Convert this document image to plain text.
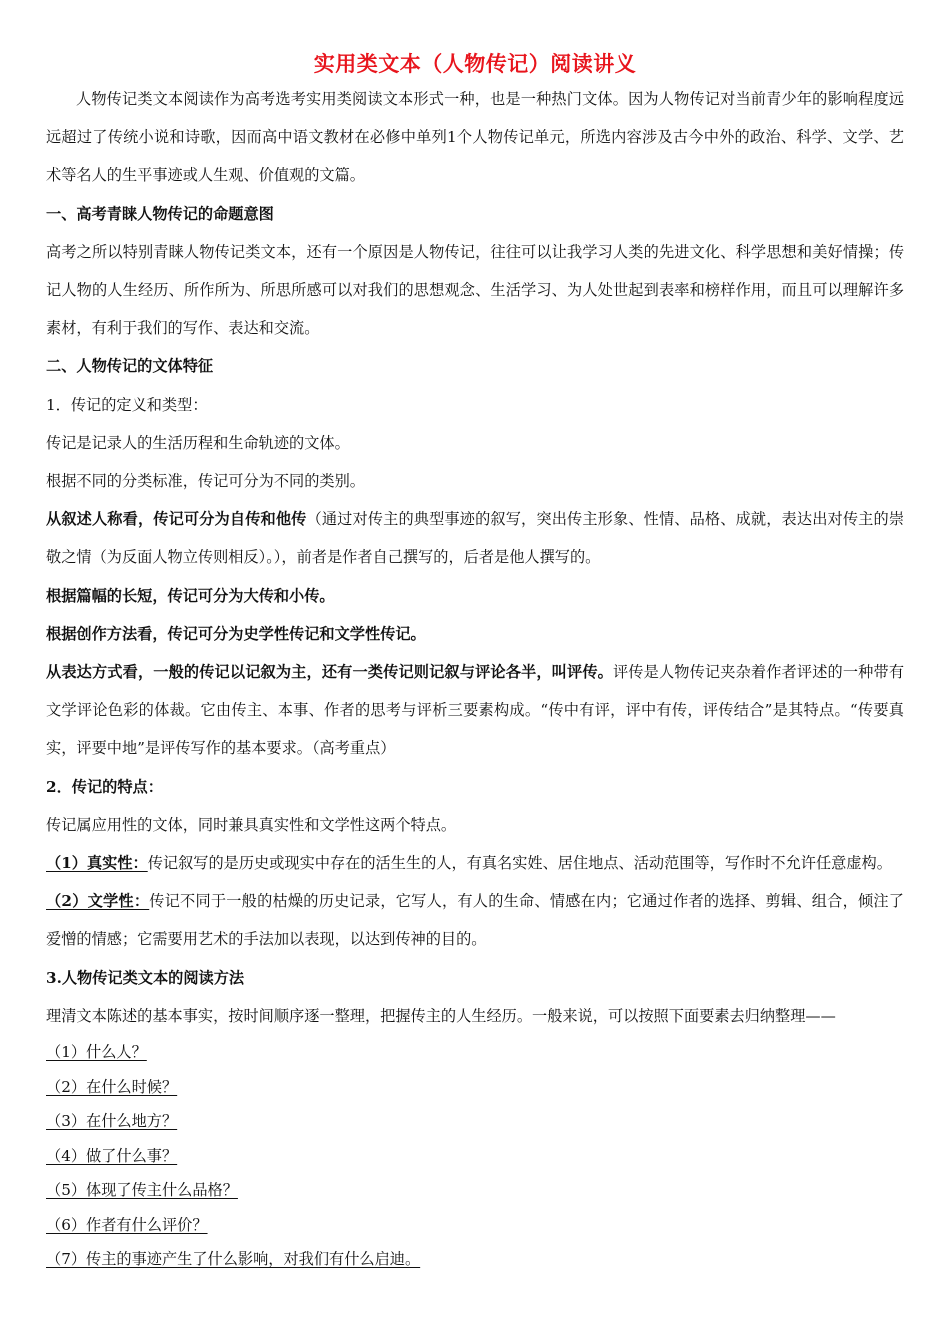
实用类文本（人物传记）阅读讲义

人物传记类文本阅读作为高考选考实用类阅读文本形式一种，也是一种热门文体。因为人物传记对当前青少年的影响程度远远超过了传统小说和诗歌，因而高中语文教材在必修中单列1个人物传记单元，所选内容涉及古今中外的政治、科学、文学、艺术等名人的生平事迹或人生观、价值观的文篇。

一、高考青睐人物传记的命题意图

高考之所以特别青睐人物传记类文本，还有一个原因是人物传记，往往可以让我学习人类的先进文化、科学思想和美好情操；传记人物的人生经历、所作所为、所思所感可以对我们的思想观念、生活学习、为人处世起到表率和榜样作用，而且可以理解许多素材，有利于我们的写作、表达和交流。

二、人物传记的文体特征

1．传记的定义和类型：

传记是记录人的生活历程和生命轨迹的文体。

根据不同的分类标准，传记可分为不同的类别。

从叙述人称看，传记可分为自传和他传（通过对传主的典型事迹的叙写，突出传主形象、性情、品格、成就，表达出对传主的崇敬之情（为反面人物立传则相反）。），前者是作者自己撰写的，后者是他人撰写的。

根据篇幅的长短，传记可分为大传和小传。

根据创作方法看，传记可分为史学性传记和文学性传记。

从表达方式看，一般的传记以记叙为主，还有一类传记则记叙与评论各半，叫评传。评传是人物传记夹杂着作者评述的一种带有文学评论色彩的体裁。它由传主、本事、作者的思考与评析三要素构成。“传中有评，评中有传，评传结合”是其特点。“传要真实，评要中地”是评传写作的基本要求。（高考重点）

2．传记的特点：

传记属应用性的文体，同时兼具真实性和文学性这两个特点。

（1）真实性：传记叙写的是历史或现实中存在的活生生的人，有真名实姓、居住地点、活动范围等，写作时不允许任意虚构。

（2）文学性：传记不同于一般的枯燥的历史记录，它写人，有人的生命、情感在内；它通过作者的选择、剪辑、组合，倾注了爱憎的情感；它需要用艺术的手法加以表现，以达到传神的目的。

3.人物传记类文本的阅读方法

理清文本陈述的基本事实，按时间顺序逐一整理，把握传主的人生经历。一般来说，可以按照下面要素去归纳整理——

（1）什么人？

（2）在什么时候？

（3）在什么地方？

（4）做了什么事？

（5）体现了传主什么品格？

（6）作者有什么评价？

（7）传主的事迹产生了什么影响，对我们有什么启迪。
